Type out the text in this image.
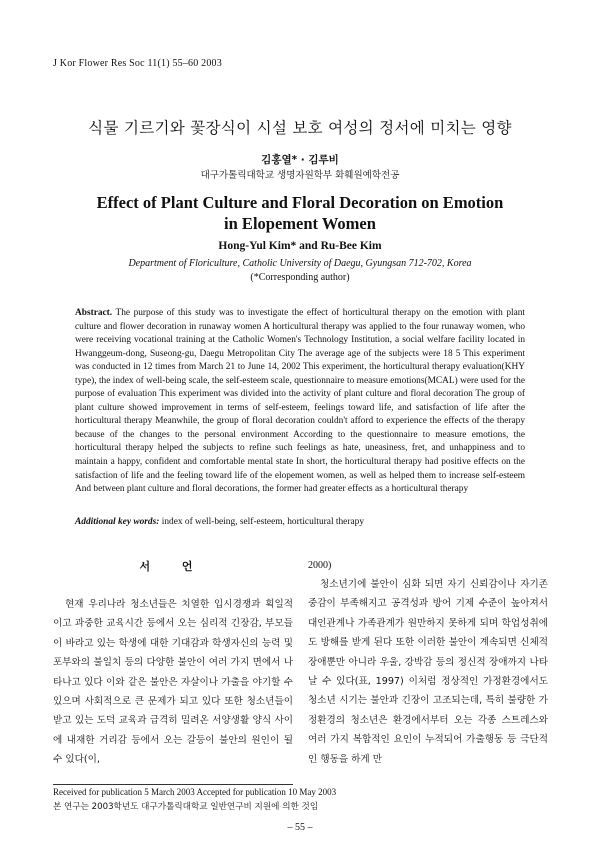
J Kor Flower Res Soc 11(1) 55–60 2003
식물 기르기와 꽃장식이 시설 보호 여성의 정서에 미치는 영향
김홍열* · 김루비
대구가톨릭대학교 생명자원학부 화훼원예학전공
Effect of Plant Culture and Floral Decoration on Emotion
in Elopement Women
Hong-Yul Kim* and Ru-Bee Kim
Department of Floriculture, Catholic University of Daegu, Gyungsan 712-702, Korea
(*Corresponding author)
Abstract. The purpose of this study was to investigate the effect of horticultural therapy on the emotion with plant culture and flower decoration in runaway women A horticultural therapy was applied to the four runaway women, who were receiving vocational training at the Catholic Women's Technology Institution, a social welfare facility located in Hwanggeum-dong, Suseong-gu, Daegu Metropolitan City The average age of the subjects were 18 5 This experiment was conducted in 12 times from March 21 to June 14, 2002 This experiment, the horticultural therapy evaluation(KHY type), the index of well-being scale, the self-esteem scale, questionnaire to measure emotions(MCAL) were used for the purpose of evaluation This experiment was divided into the activity of plant culture and floral decoration The group of plant culture showed improvement in terms of self-esteem, feelings toward life, and satisfaction of life after the horticultural therapy Meanwhile, the group of floral decoration couldn't afford to experience the effects of the therapy because of the changes to the personal environment According to the questionnaire to measure emotions, the horticultural therapy helped the subjects to refine such feelings as hate, uneasiness, fret, and unhappiness and to maintain a happy, confident and comfortable mental state In short, the horticultural therapy had positive effects on the satisfaction of life and the feeling toward life of the elopement women, as well as helped them to increase self-esteem And between plant culture and floral decorations, the former had greater effects as a horticultural therapy
Additional key words: index of well-being, self-esteem, horticultural therapy
서 언
현재 우리나라 청소년들은 치열한 입시경쟁과 획일적이고 과중한 교육시간 등에서 오는 심리적 긴장감, 부모들이 바라고 있는 학생에 대한 기대감과 학생자신의 능력 및 포부와의 불일치 등의 다양한 불안이 여러 가지 면에서 나타나고 있다 이와 같은 불안은 자살이나 가출을 야기할 수 있으며 사회적으로 큰 문제가 되고 있다 또한 청소년들이 받고 있는 도덕 교육과 급격히 밀려온 서양생활 양식 사이에 내재한 거리감 등에서 오는 갈등이 불안의 원인이 될 수 있다(이,
2000)
청소년기에 불안이 심화 되면 자기 신뢰감이나 자기존중감이 부족해지고 공격성과 방어 기제 수준이 높아져서 대인관계나 가족관계가 원만하지 못하게 되며 학업성취에도 방해를 받게 된다 또한 이러한 불안이 계속되면 신체적 장애뿐만 아니라 우울, 강박감 등의 정신적 장애까지 나타날 수 있다(표, 1997) 이처럼 정상적인 가정환경에서도 청소년 시기는 불안과 긴장이 고조되는데, 특히 불량한 가정환경의 청소년은 환경에서부터 오는 각종 스트레스와 여러 가지 복합적인 요인이 누적되어 가출행동 등 극단적인 행동을 하게 만
Received for publication 5 March 2003 Accepted for publication 10 May 2003
본 연구는 2003학년도 대구가톨릭대학교 일반연구비 지원에 의한 것임
– 55 –
